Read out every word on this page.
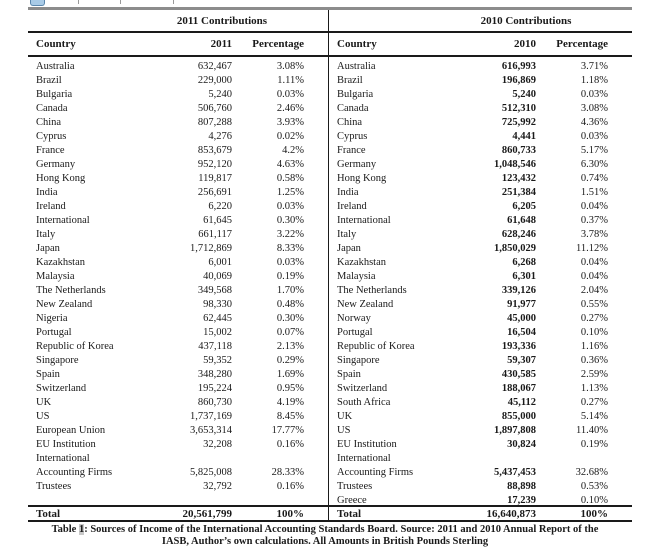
2011 Contributions
Country	2011	Percentage
Australia	632,467	3.08%
Brazil	229,000	1.11%
Bulgaria	5,240	0.03%
Canada	506,760	2.46%
China	807,288	3.93%
Cyprus	4,276	0.02%
France	853,679	4.2%
Germany	952,120	4.63%
Hong Kong	119,817	0.58%
India	256,691	1.25%
Ireland	6,220	0.03%
International	61,645	0.30%
Italy	661,117	3.22%
Japan	1,712,869	8.33%
Kazakhstan	6,001	0.03%
Malaysia	40,069	0.19%
The Netherlands	349,568	1.70%
New Zealand	98,330	0.48%
Nigeria	62,445	0.30%
Portugal	15,002	0.07%
Republic of Korea	437,118	2.13%
Singapore	59,352	0.29%
Spain	348,280	1.69%
Switzerland	195,224	0.95%
UK	860,730	4.19%
US	1,737,169	8.45%
European Union	3,653,314	17.77%
EU Institution	32,208	0.16%
International
Accounting Firms	5,825,008	28.33%
Trustees	32,792	0.16%
Total	20,561,799	100%
2010 Contributions
Country	2010	Percentage
Australia	616,993	3.71%
Brazil	196,869	1.18%
Bulgaria	5,240	0.03%
Canada	512,310	3.08%
China	725,992	4.36%
Cyprus	4,441	0.03%
France	860,733	5.17%
Germany	1,048,546	6.30%
Hong Kong	123,432	0.74%
India	251,384	1.51%
Ireland	6,205	0.04%
International	61,648	0.37%
Italy	628,246	3.78%
Japan	1,850,029	11.12%
Kazakhstan	6,268	0.04%
Malaysia	6,301	0.04%
The Netherlands	339,126	2.04%
New Zealand	91,977	0.55%
Norway	45,000	0.27%
Portugal	16,504	0.10%
Republic of Korea	193,336	1.16%
Singapore	59,307	0.36%
Spain	430,585	2.59%
Switzerland	188,067	1.13%
South Africa	45,112	0.27%
UK	855,000	5.14%
US	1,897,808	11.40%
EU Institution	30,824	0.19%
International
Accounting Firms	5,437,453	32.68%
Trustees	88,898	0.53%
Greece	17,239	0.10%
Total	16,640,873	100%
Table 1: Sources of Income of the International Accounting Standards Board. Source: 2011 and 2010 Annual Report of the IASB, Author’s own calculations. All Amounts in British Pounds Sterling
